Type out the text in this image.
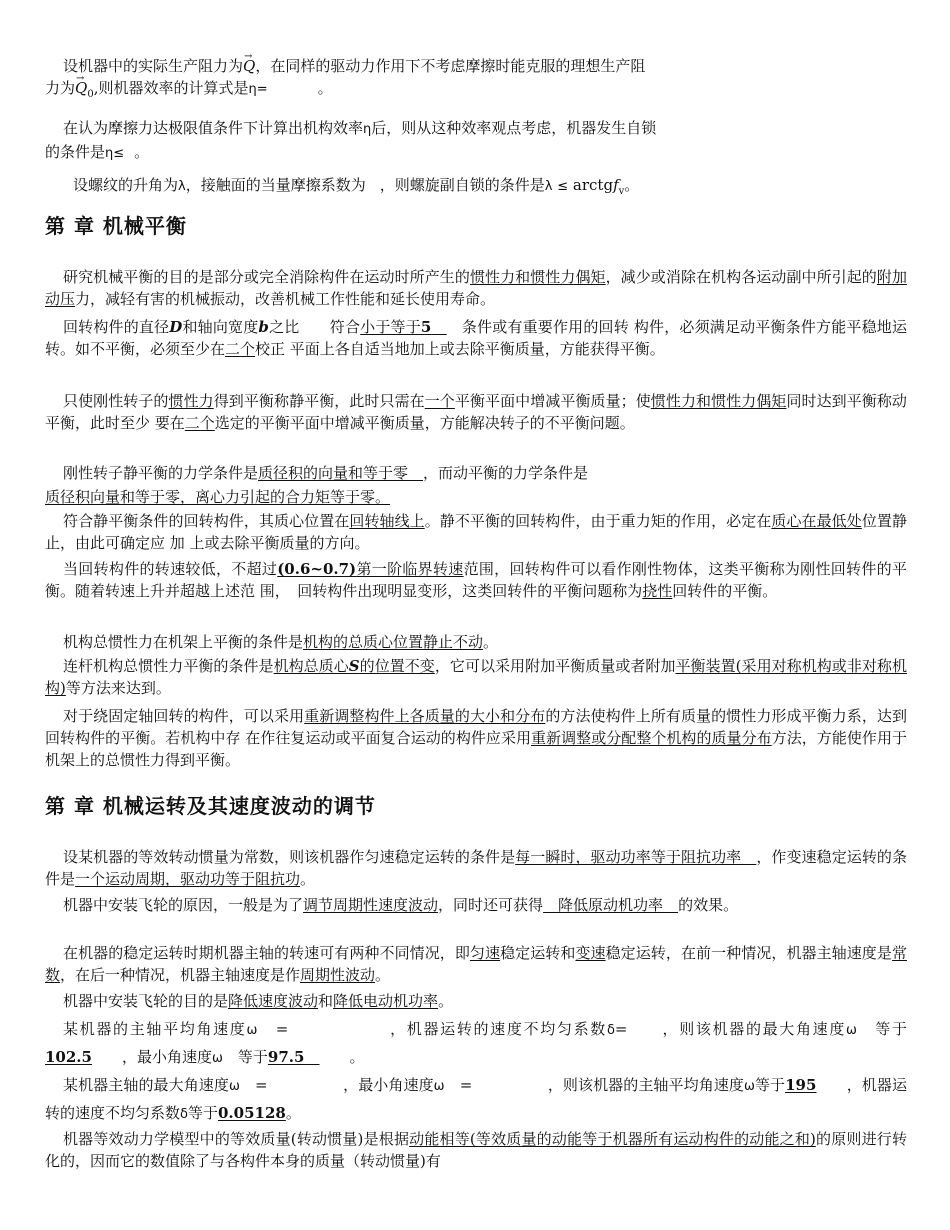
设机器中的实际生产阻力为→ Q，在同样的驱动力作用下不考虑摩擦时能克服的理想生产阻
力为→ $Q_0$,则机器效率的计算式是η=	。

在认为摩擦力达极限值条件下计算出机构效率η后，则从这种效率观点考虑，机器发生自锁
的条件是η≤ 。

设螺纹的升角为λ，接触面的当量摩擦系数为 ，则螺旋副自锁的条件是λ ≤ arctgf$_v$。

第 章 机械平衡

研究机械平衡的目的是部分或完全消除构件在运动时所产生的惯性力和惯性力偶矩，减少或消除在机构各运动副中所引起的附加动压力，减轻有害的机械振动，改善机械工作性能和延长使用寿命。

回转构件的直径D和轴向宽度b之比　　符合小于等于5　　条件或有重要作用的回转 构件，必须满足动平衡条件方能平稳地运转。如不平衡，必须至少在二个校正 平面上各自适当地加上或去除平衡质量，方能获得平衡。

只使刚性转子的惯性力得到平衡称静平衡，此时只需在一个平衡平面中增减平衡质量；使惯性力和惯性力偶矩同时达到平衡称动平衡，此时至少 要在二个选定的平衡平面中增减平衡质量，方能解决转子的不平衡问题。

刚性转子静平衡的力学条件是质径积的向量和等于零　，而动平衡的力学条件是

质径积向量和等于零，离心力引起的合力矩等于零。

符合静平衡条件的回转构件，其质心位置在回转轴线上。静不平衡的回转构件，由于重力矩的作用，必定在质心在最低处位置静止，由此可确定应 加 上或去除平衡质量的方向。

当回转构件的转速较低，不超过(0.6~0.7)第一阶临界转速范围，回转构件可以看作刚性物体，这类平衡称为刚性回转件的平衡。随着转速上升并超越上述范 围，　回转构件出现明显变形，这类回转件的平衡问题称为挠性回转件的平衡。

机构总惯性力在机架上平衡的条件是机构的总质心位置静止不动。

连杆机构总惯性力平衡的条件是机构总质心S的位置不变，它可以采用附加平衡质量或者附加平衡装置(采用对称机构或非对称机构)等方法来达到。

对于绕固定轴回转的构件，可以采用重新调整构件上各质量的大小和分布的方法使构件上所有质量的惯性力形成平衡力系，达到回转构件的平衡。若机构中存 在作往复运动或平面复合运动的构件应采用重新调整或分配整个机构的质量分布方法，方能使作用于机架上的总惯性力得到平衡。

第 章 机械运转及其速度波动的调节

设某机器的等效转动惯量为常数，则该机器作匀速稳定运转的条件是每一瞬时，驱动功率等于阻抗功率　，作变速稳定运转的条件是一个运动周期，驱动功等于阻抗功。

机器中安装飞轮的原因，一般是为了调节周期性速度波动，同时还可获得　降低原动机功率　的效果。

在机器的稳定运转时期机器主轴的转速可有两种不同情况，即匀速稳定运转和变速稳定运转，在前一种情况，机器主轴速度是常数，在后一种情况，机器主轴速度是作周期性波动。

机器中安装飞轮的目的是降低速度波动和降低电动机功率。

某机器的主轴平均角速度ω　=　　　　　　，机器运转的速度不均匀系数δ=　　，则该机器的最大角速度ω　等于102.5　　，最小角速度ω　等于97.5　　　。

某机器主轴的最大角速度ω　=　　　　　，最小角速度ω　=　　　　　，则该机器的主轴平均角速度ω等于195　　，机器运转的速度不均匀系数δ等于0.05128。

机器等效动力学模型中的等效质量(转动惯量)是根据动能相等(等效质量的动能等于机器所有运动构件的动能之和)的原则进行转化的，因而它的数值除了与各构件本身的质量（转动惯量)有
